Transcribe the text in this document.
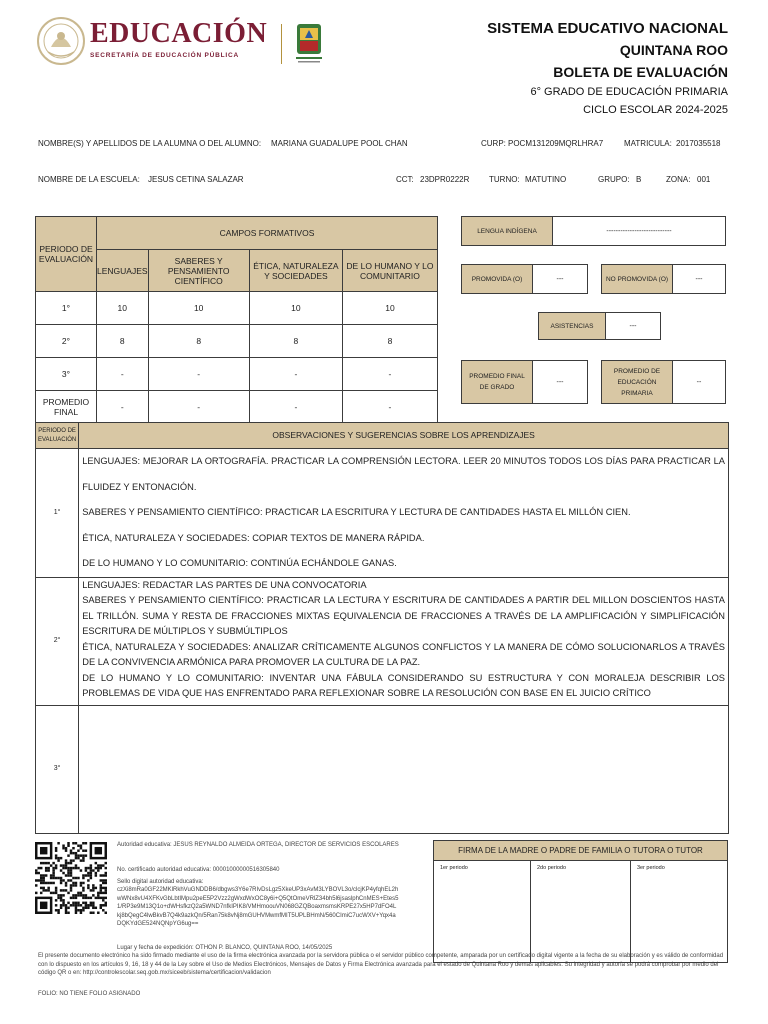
EDUCACIÓN
SECRETARÍA DE EDUCACIÓN PÚBLICA
SISTEMA EDUCATIVO NACIONAL
QUINTANA ROO
BOLETA DE EVALUACIÓN
6° GRADO DE EDUCACIÓN PRIMARIA
CICLO ESCOLAR 2024-2025
NOMBRE(S) Y APELLIDOS DE LA ALUMNA O DEL ALUMNO: MARIANA GUADALUPE POOL CHAN	CURP: POCM131209MQRLHRA7	MATRICULA: 2017035518
NOMBRE DE LA ESCUELA: JESUS CETINA SALAZAR	CCT: 23DPR0222R TURNO: MATUTINO	GRUPO: B	ZONA: 001
PERIODO DE EVALUACIÓN	CAMPOS FORMATIVOS			
	LENGUAJES	SABERES Y PENSAMIENTO CIENTÍFICO	ÉTICA, NATURALEZA Y SOCIEDADES	DE LO HUMANO Y LO COMUNITARIO
1°	10	10	10	10
2°	8	8	8	8
3°	-	-	-	-
PROMEDIO FINAL	-	-	-	-
LENGUA INDÍGENA	----------------------------
PROMOVIDA (O)	---	NO PROMOVIDA (O)	---
ASISTENCIAS	---
PROMEDIO FINAL DE GRADO
---
PROMEDIO DE EDUCACIÓN PRIMARIA
--
PERIODO DE EVALUACIÓN	OBSERVACIONES Y SUGERENCIAS SOBRE LOS APRENDIZAJES
1°	LENGUAJES: MEJORAR LA ORTOGRAFÍA. PRACTICAR LA COMPRENSIÓN LECTORA. LEER 20 MINUTOS TODOS LOS DÍAS PARA PRACTICAR LA FLUIDEZ Y ENTONACIÓN.
SABERES Y PENSAMIENTO CIENTÍFICO: PRACTICAR LA ESCRITURA Y LECTURA DE CANTIDADES HASTA EL MILLÓN CIEN.
ÉTICA, NATURALEZA Y SOCIEDADES: COPIAR TEXTOS DE MANERA RÁPIDA.
DE LO HUMANO Y LO COMUNITARIO: CONTINÚA ECHÁNDOLE GANAS.

2°	LENGUAJES: REDACTAR LAS PARTES DE UNA CONVOCATORIA
SABERES Y PENSAMIENTO CIENTÍFICO: PRACTICAR LA LECTURA Y ESCRITURA DE CANTIDADES A PARTIR DEL MILLON DOSCIENTOS HASTA EL TRILLÓN. SUMA Y RESTA DE FRACCIONES MIXTAS EQUIVALENCIA DE FRACCIONES A TRAVÉS DE LA AMPLIFICACIÓN Y SIMPLIFICACIÓN ESCRITURA DE MÚLTIPLOS Y SUBMÚLTIPLOS
ÉTICA, NATURALEZA Y SOCIEDADES: ANALIZAR CRÍTICAMENTE ALGUNOS CONFLICTOS Y LA MANERA DE CÓMO SOLUCIONARLOS A TRAVÉS DE LA CONVIVENCIA ARMÓNICA PARA PROMOVER LA CULTURA DE LA PAZ.
DE LO HUMANO Y LO COMUNITARIO: INVENTAR UNA FÁBULA CONSIDERANDO SU ESTRUCTURA Y CON MORALEJA DESCRIBIR LOS PROBLEMAS DE VIDA QUE HAS ENFRENTADO PARA REFLEXIONAR SOBRE LA RESOLUCIÓN CON BASE EN EL JUICIO CRÍTICO

3°	
Autoridad educativa: JESUS REYNALDO ALMEIDA ORTEGA, DIRECTOR DE SERVICIOS ESCOLARES
No. certificado autoridad educativa: 00001000000516305840
Sello digital autoridad educativa:
czXi8mRa0GF22MKlRkhVuGNDDB6/dbgws3Y6e7RIvDsLgz5XkeUP3xAvM3LYBOVL3o/clcjKP4yfqhEL2hwWNx8vU4XFKvGbLbtIMpu2peE5P2Vzz2gWxdWxOC8y6i+Q5QtOmeVRlZ34bh5l6jsaslphCnMES+Etes51/RP3e9M13Q1o+dWHsfkzQ2a5WND7nfkIPIK8/VMHmoouVN068GZQBoaxmsmsKRPE27x5HP7dFO4Lkj8bQegC4lwBkvB7Q4k9azkQn/5Ran75k8vNj8mGUHVMwmfMIT5UPLBHmN/560CImiC7ucWXV+Yqx4aDQKYdGE524NQNpYG6ug==
Lugar y fecha de expedición: OTHON P. BLANCO, QUINTANA ROO, 14/05/2025
El presente documento electrónico ha sido firmado mediante el uso de la firma electrónica avanzada por la servidora pública o el servidor público competente, amparada por un certificado digital vigente a la fecha de su elaboración y es válido de conformidad con lo dispuesto en los artículos 9, 16, 18 y 44 de la Ley sobre el Uso de Medios Electrónicos, Mensajes de Datos y Firma Electrónica avanzada para el estado de Quintana Roo y demas aplicables. Su integridad y autoría se podrá comprobar por medio del código QR o en: http://controlescolar.seq.gob.mx/siceeb/sistema/certificacion/validacion
FOLIO: NO TIENE FOLIO ASIGNADO
FIRMA DE LA MADRE O PADRE DE FAMILIA O TUTORA O TUTOR
1er periodo	2do periodo	3er periodo
